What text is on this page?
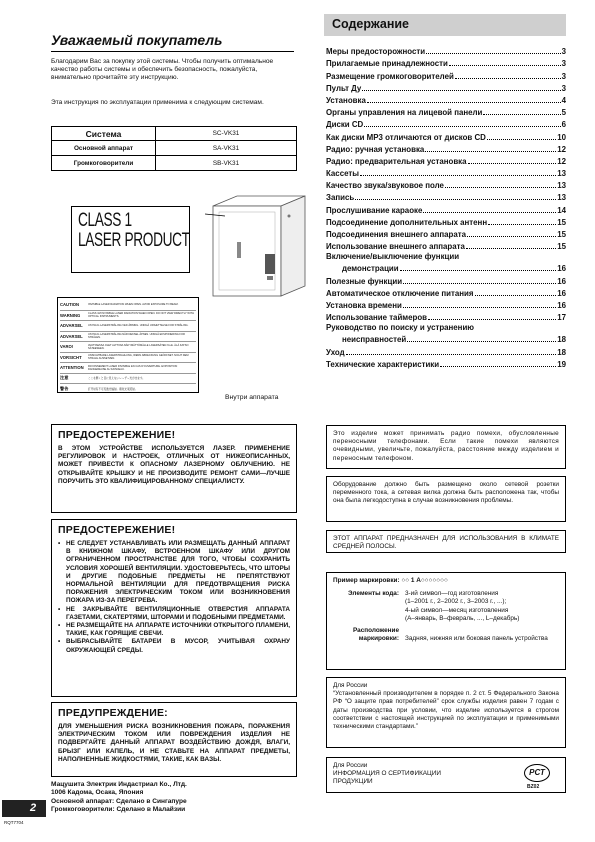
Уважаемый покупатель
Благодарим Вас за покупку этой системы. Чтобы получить оптимальное качество работы системы и обеспечить безопасность, пожалуйста, внимательно прочитайте эту инструкцию.
Эта инструкция по эксплуатации применима к следующим системам.
Система	SC-VK31
Основной аппарат	SA-VK31
Громкоговорители	SB-VK31
CLASS 1
LASER PRODUCT
CAUTION	INVISIBLE LASER RADIATION WHEN OPEN. AVOID EXPOSURE TO BEAM.
WARNING	CLASS 1M INVISIBLE LASER RADIATION WHEN OPEN. DO NOT VIEW DIRECTLY WITH OPTICAL INSTRUMENTS.
ADVARSEL	USYNLIG LASERSTRÅLING VED ÅBNING. UNDGÅ UDSÆTTELSE FOR STRÅLING.
ADVARSEL	USYNLIG LASERSTRÅLING NÅR DEKSEL ÅPNES. UNNGÅ EKSPONERING FOR STRÅLEN.
VARO!	AVATTAESSA OLET ALTTIINA NÄKYMÄTTÖMÄLLE LASERSÄTEILYLLE. ÄLÄ KATSO SÄTEESEEN.
VORSICHT	UNSICHTBARE LASERSTRAHLUNG, WENN ABDECKUNG GEÖFFNET. NICHT DEM STRAHL AUSSETZEN.
ATTENTION	RAYONNEMENT LASER INVISIBLE EN CAS D'OUVERTURE. EXPOSITION DANGEREUSE AU FAISCEAU.
注意	ここを開くと目に見えないレーザー光が出ます。
警告	打开时有不可见激光辐射。避免光束照射。
Внутри аппарата
ПРЕДОСТЕРЕЖЕНИЕ!
В ЭТОМ УСТРОЙСТВЕ ИСПОЛЬЗУЕТСЯ ЛАЗЕР. ПРИМЕНЕНИЕ РЕГУЛИРОВОК И НАСТРОЕК, ОТЛИЧНЫХ ОТ НИЖЕОПИСАННЫХ, МОЖЕТ ПРИВЕСТИ К ОПАСНОМУ ЛАЗЕРНОМУ ОБЛУЧЕНИЮ. НЕ ОТКРЫВАЙТЕ КРЫШКУ И НЕ ПРОИЗВОДИТЕ РЕМОНТ САМИ—ЛУЧШЕ ПОРУЧИТЬ ЭТО КВАЛИФИЦИРОВАННОМУ СПЕЦИАЛИСТУ.
ПРЕДОСТЕРЕЖЕНИЕ!
• НЕ СЛЕДУЕТ УСТАНАВЛИВАТЬ ИЛИ РАЗМЕЩАТЬ ДАННЫЙ АППАРАТ В КНИЖНОМ ШКАФУ, ВСТРОЕННОМ ШКАФУ ИЛИ ДРУГОМ ОГРАНИЧЕННОМ ПРОСТРАНСТВЕ ДЛЯ ТОГО, ЧТОБЫ СОХРАНИТЬ УСЛОВИЯ ХОРОШЕЙ ВЕНТИЛЯЦИИ. УДОСТОВЕРЬТЕСЬ, ЧТО ШТОРЫ И ДРУГИЕ ПОДОБНЫЕ ПРЕДМЕТЫ НЕ ПРЕПЯТСТВУЮТ НОРМАЛЬНОЙ ВЕНТИЛЯЦИИ ДЛЯ ПРЕДОТВРАЩЕНИЯ РИСКА ПОРАЖЕНИЯ ЭЛЕКТРИЧЕСКИМ ТОКОМ ИЛИ ВОЗНИКНОВЕНИЯ ПОЖАРА ИЗ-ЗА ПЕРЕГРЕВА.
• НЕ ЗАКРЫВАЙТЕ ВЕНТИЛЯЦИОННЫЕ ОТВЕРСТИЯ АППАРАТА ГАЗЕТАМИ, СКАТЕРТЯМИ, ШТОРАМИ И ПОДОБНЫМИ ПРЕДМЕТАМИ.
• НЕ РАЗМЕЩАЙТЕ НА АППАРАТЕ ИСТОЧНИКИ ОТКРЫТОГО ПЛАМЕНИ, ТАКИЕ, КАК ГОРЯЩИЕ СВЕЧИ.
• ВЫБРАСЫВАЙТЕ БАТАРЕИ В МУСОР, УЧИТЫВАЯ ОХРАНУ ОКРУЖАЮЩЕЙ СРЕДЫ.
ПРЕДУПРЕЖДЕНИЕ:
ДЛЯ УМЕНЬШЕНИЯ РИСКА ВОЗНИКНОВЕНИЯ ПОЖАРА, ПОРАЖЕНИЯ ЭЛЕКТРИЧЕСКИМ ТОКОМ ИЛИ ПОВРЕЖДЕНИЯ ИЗДЕЛИЯ НЕ ПОДВЕРГАЙТЕ ДАННЫЙ АППАРАТ ВОЗДЕЙСТВИЮ ДОЖДЯ, ВЛАГИ, БРЫЗГ ИЛИ КАПЕЛЬ, И НЕ СТАВЬТЕ НА АППАРАТ ПРЕДМЕТЫ, НАПОЛНЕННЫЕ ЖИДКОСТЯМИ, ТАКИЕ, КАК ВАЗЫ.
Мацушита Электрик Индастриал Ко., Лтд.
1006 Кадома, Осака, Япония
Основной аппарат: Сделано в Сингапуре
Громкоговорители: Сделано в Малайзии
2
RQT7704
Содержание
Меры предосторожности	3
Прилагаемые принадлежности	3
Размещение громкоговорителей	3
Пульт Ду	3
Установка	4
Органы управления на лицевой панели	5
Диски CD	6
Как диски MP3 отличаются от дисков CD	10
Радио: ручная установка	12
Радио: предварительная установка	12
Кассеты	13
Качество звука/звуковое поле	13
Запись	13
Прослушивание караоке	14
Подсоединение дополнительных антенн	15
Подсоединения внешнего аппарата	15
Использование внешнего аппарата	15
Включение/выключение функции
демонстрации	16
Полезные функции	16
Автоматическое отключение питания	16
Установка времени	16
Использование таймеров	17
Руководство по поиску и устранению
неисправностей	18
Уход	18
Технические характеристики	19
Это изделие может принимать радио помехи, обусловленные переносными телефонами. Если такие помехи являются очевидными, увеличьте, пожалуйста, расстояние между изделием и переносным телефоном.
Оборудование должно быть размещено около сетевой розетки переменного тока, а сетевая вилка должна быть расположена так, чтобы она была легкодоступна в случае возникновения проблемы.
ЭТОТ АППАРАТ ПРЕДНАЗНАЧЕН ДЛЯ ИСПОЛЬЗОВАНИЯ В КЛИМАТЕ СРЕДНЕЙ ПОЛОСЫ.
Пример маркировки: ○○ 1 A○○○○○○○
Элементы кода: 3-ий символ—год изготовления
(1–2001 г., 2–2002 г., 3–2003 г., ...);
4-ый символ—месяц изготовления
(А–январь, В–февраль, ..., L–декабрь)
Расположение маркировки: Задняя, нижняя или боковая панель устройства
Для России
“Установленный производителем в порядке п. 2 ст. 5 Федерального Закона РФ “О защите прав потребителей” срок службы изделия равен 7 годам с даты производства при условии, что изделие используется в строгом соответствии с настоящей инструкцией по эксплуатации и применимыми техническими стандартами.”
Для России
ИНФОРМАЦИЯ О СЕРТИФИКАЦИИ
ПРОДУКЦИИ
РСТ
BZ02
